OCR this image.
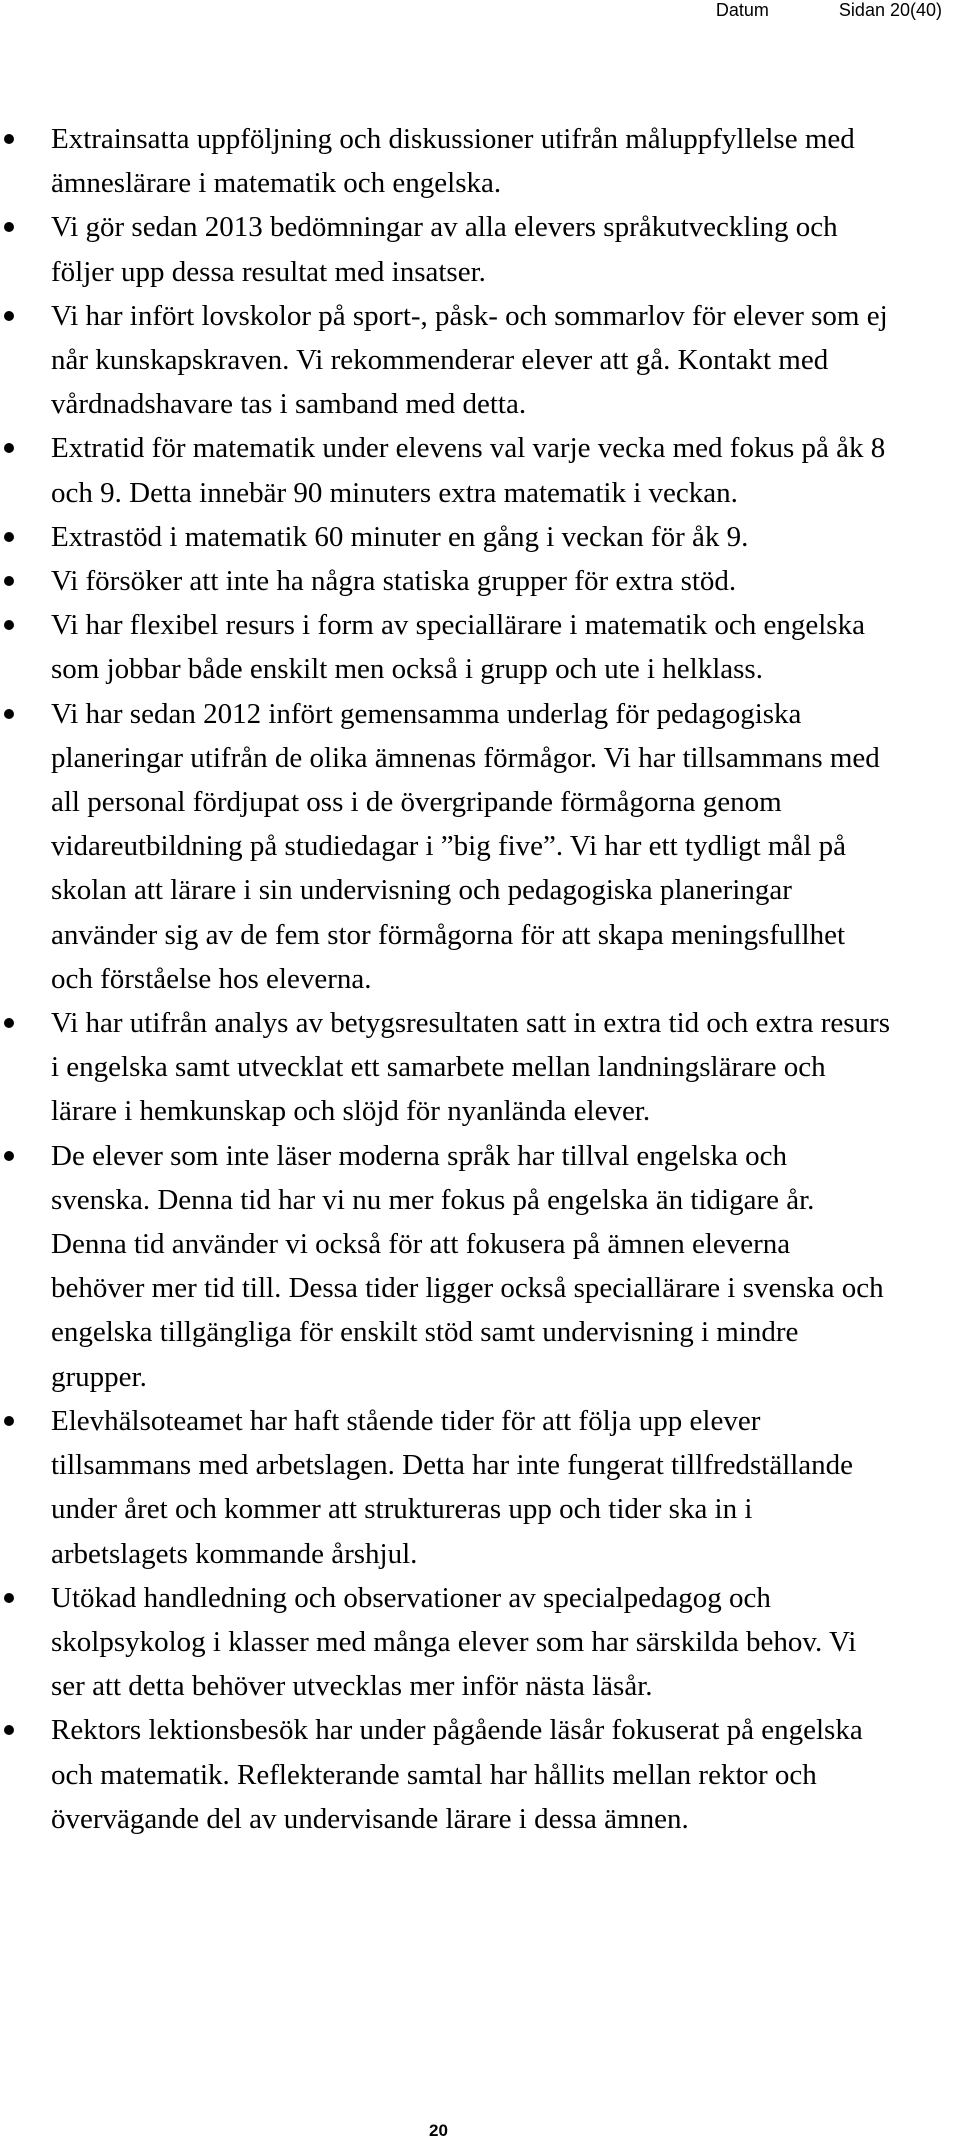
Datum	Sidan 20(40)
Extrainsatta uppföljning och diskussioner utifrån måluppfyllelse med ämneslärare i matematik och engelska.
Vi gör sedan 2013 bedömningar av alla elevers språkutveckling och följer upp dessa resultat med insatser.
Vi har infört lovskolor på sport-, påsk- och sommarlov för elever som ej når kunskapskraven. Vi rekommenderar elever att gå. Kontakt med vårdnadshavare tas i samband med detta.
Extratid för matematik under elevens val varje vecka med fokus på åk 8 och 9. Detta innebär 90 minuters extra matematik i veckan.
Extrastöd i matematik 60 minuter en gång i veckan för åk 9.
Vi försöker att inte ha några statiska grupper för extra stöd.
Vi har flexibel resurs i form av speciallärare i matematik och engelska som jobbar både enskilt men också i grupp och ute i helklass.
Vi har sedan 2012 infört gemensamma underlag för pedagogiska planeringar utifrån de olika ämnenas förmågor. Vi har tillsammans med all personal fördjupat oss i de övergripande förmågorna genom vidareutbildning på studiedagar i ”big five”. Vi har ett tydligt mål på skolan att lärare i sin undervisning och pedagogiska planeringar använder sig av de fem stor förmågorna för att skapa meningsfullhet och förståelse hos eleverna.
Vi har utifrån analys av betygsresultaten satt in extra tid och extra resurs i engelska samt utvecklat ett samarbete mellan landningslärare och lärare i hemkunskap och slöjd för nyanlända elever.
De elever som inte läser moderna språk har tillval engelska och svenska. Denna tid har vi nu mer fokus på engelska än tidigare år. Denna tid använder vi också för att fokusera på ämnen eleverna behöver mer tid till. Dessa tider ligger också speciallärare i svenska och engelska tillgängliga för enskilt stöd samt undervisning i mindre grupper.
Elevhälsoteamet har haft stående tider för att följa upp elever tillsammans med arbetslagen. Detta har inte fungerat tillfredställande under året och kommer att struktureras upp och tider ska in i arbetslagets kommande årshjul.
Utökad handledning och observationer av specialpedagog och skolpsykolog i klasser med många elever som har särskilda behov. Vi ser att detta behöver utvecklas mer inför nästa läsår.
Rektors lektionsbesök har under pågående läsår fokuserat på engelska och matematik. Reflekterande samtal har hållits mellan rektor och övervägande del av undervisande lärare i dessa ämnen.
20
